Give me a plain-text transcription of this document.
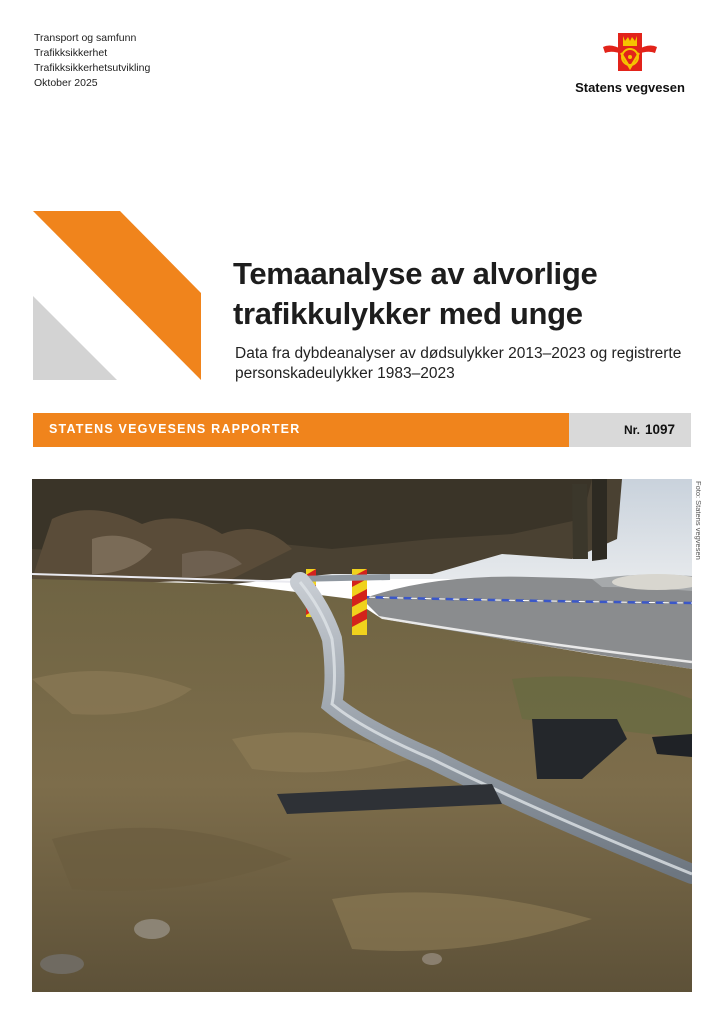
Transport og samfunn
Trafikksikkerhet
Trafikksikkerhetsutvikling
Oktober 2025	Statens vegvesen
Temaanalyse av alvorlige
trafikkulykker med unge
Data fra dybdeanalyser av dødsulykker 2013–2023 og registrerte
personskadeulykker 1983–2023
STATENS VEGVESENS RAPPORTER	Nr. 1097
Foto: Statens vegvesen
